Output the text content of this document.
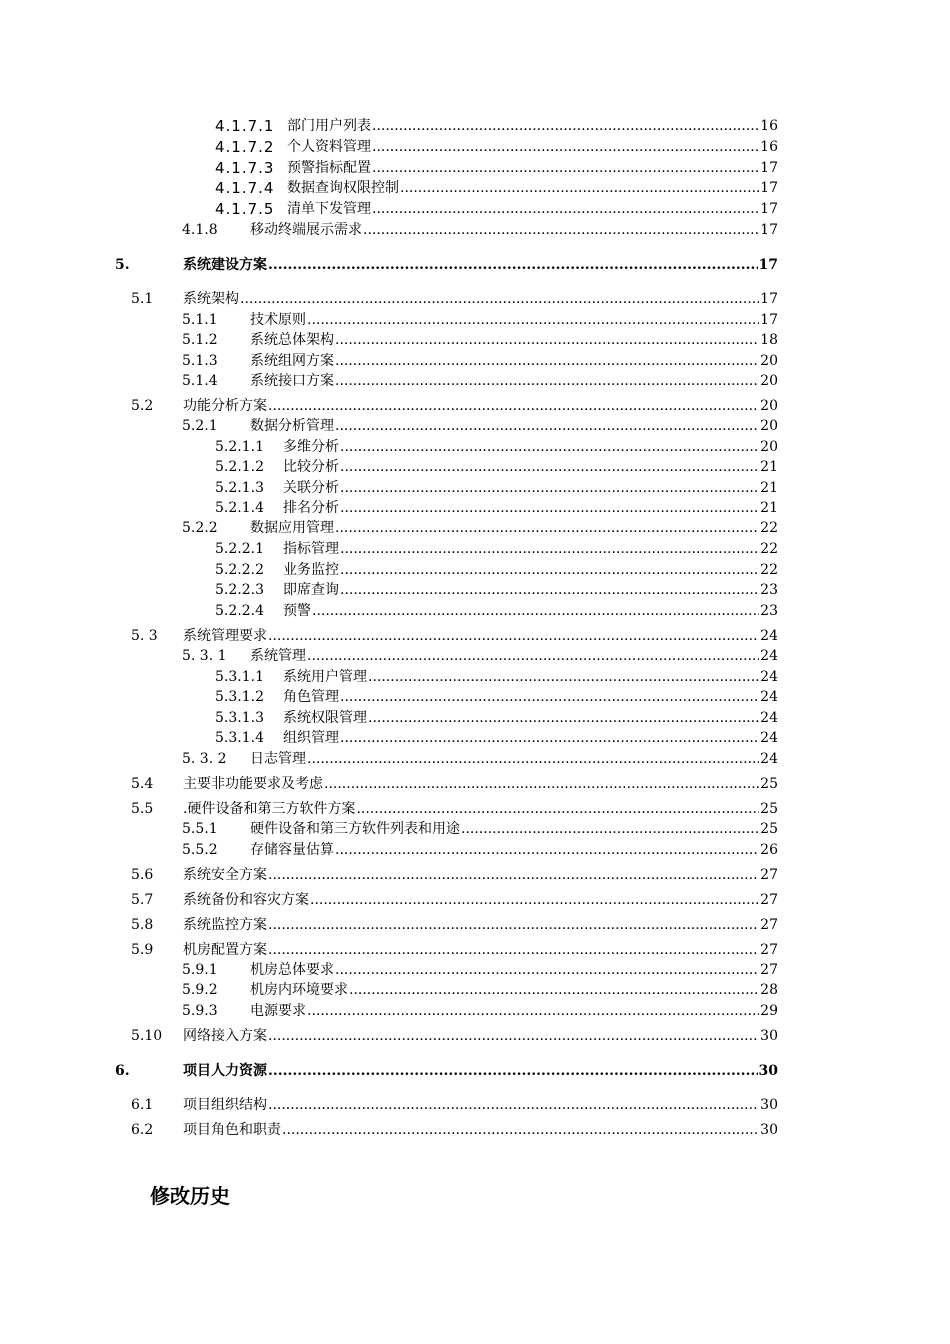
4.1.7.1 部门用户列表 .....	16
4.1.7.2 个人资料管理 .....	16
4.1.7.3 预警指标配置 .....	17
4.1.7.4 数据查询权限控制 .....	17
4.1.7.5 清单下发管理 .....	17
4.1.8 移动终端展示需求 .....	17
5.	系统建设方案 .....	17
5.1 系统架构 .....	17
5.1.1 技术原则 .....	17
5.1.2 系统总体架构 .....	18
5.1.3 系统组网方案 .....	20
5.1.4 系统接口方案 .....	20
5.2 功能分析方案 .....	20
5.2.1 数据分析管理 .....	20
5.2.1.1 多维分析 .....	20
5.2.1.2 比较分析 .....	21
5.2.1.3 关联分析 .....	21
5.2.1.4 排名分析 .....	21
5.2.2 数据应用管理 .....	22
5.2.2.1 指标管理 .....	22
5.2.2.2 业务监控 .....	22
5.2.2.3 即席查询 .....	23
5.2.2.4 预警 .....	23
5. 3 系统管理要求 .....	24
5. 3. 1 系统管理 .....	24
5.3.1.1 系统用户管理 .....	24
5.3.1.2 角色管理 .....	24
5.3.1.3 系统权限管理 .....	24
5.3.1.4 组织管理 .....	24
5. 3. 2 日志管理 .....	24
5.4 主要非功能要求及考虑 .....	25
5.5 .硬件设备和第三方软件方案 .....	25
5.5.1 硬件设备和第三方软件列表和用途 .....	25
5.5.2 存储容量估算 .....	26
5.6 系统安全方案 .....	27
5.7 系统备份和容灾方案 .....	27
5.8 系统监控方案 .....	27
5.9 机房配置方案 .....	27
5.9.1 机房总体要求 .....	27
5.9.2 机房内环境要求 .....	28
5.9.3 电源要求 .....	29
5.10 网络接入方案 .....	30
6.	项目人力资源 .....	30
6.1 项目组织结构 .....	30
6.2 项目角色和职责 .....	30
修改历史
